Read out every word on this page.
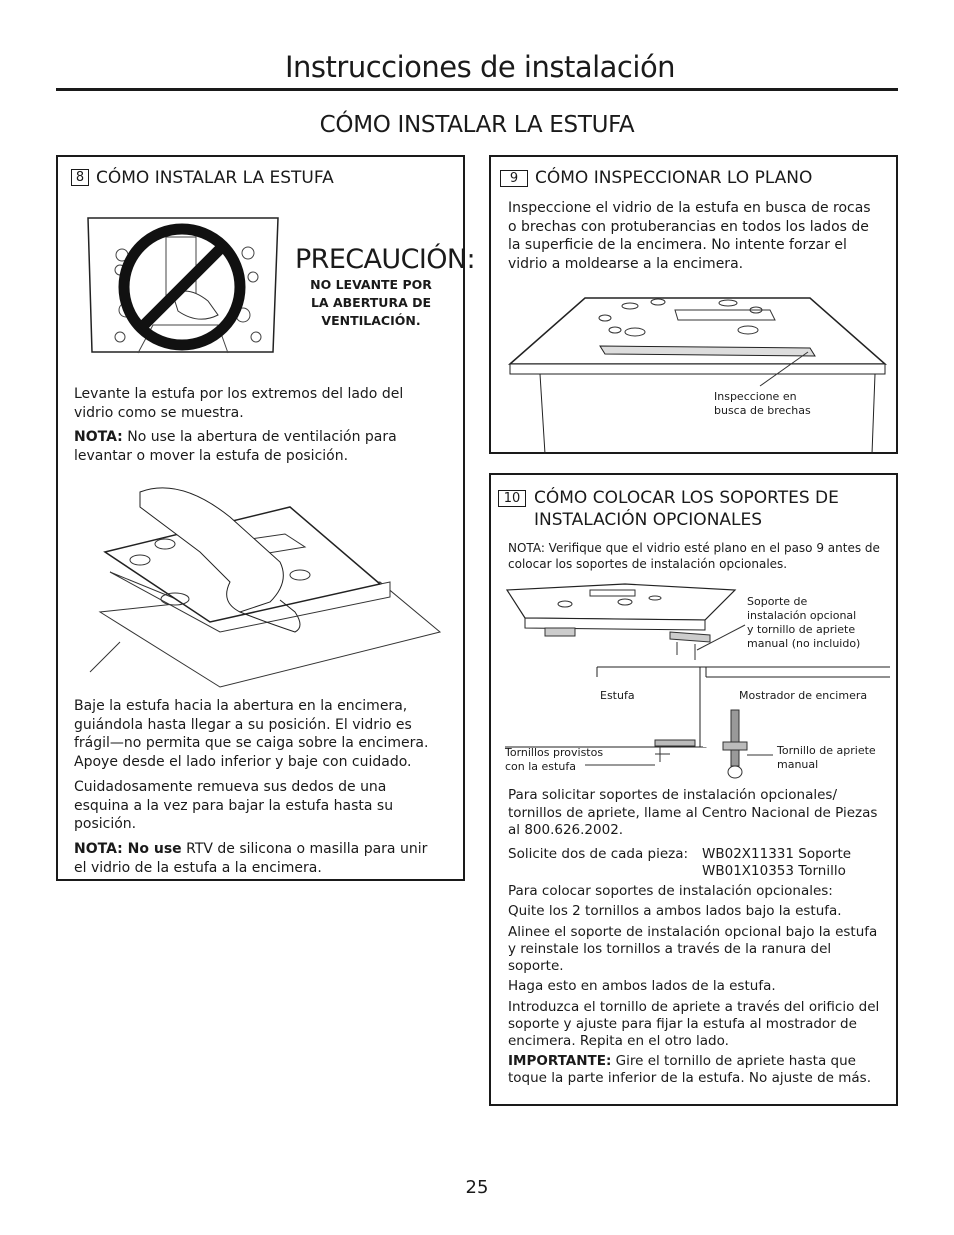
Instrucciones de instalación
CÓMO INSTALAR LA ESTUFA
8 CÓMO INSTALAR LA ESTUFA
PRECAUCIÓN:
NO LEVANTE POR
LA ABERTURA DE
VENTILACIÓN.
Levante la estufa por los extremos del lado del vidrio como se muestra.
NOTA: No use la abertura de ventilación para levantar o mover la estufa de posición.
Baje la estufa hacia la abertura en la encimera, guiándola hasta llegar a su posición. El vidrio es frágil—no permita que se caiga sobre la encimera. Apoye desde el lado inferior y baje con cuidado.
Cuidadosamente remueva sus dedos de una esquina a la vez para bajar la estufa hasta su posición.
NOTA: No use RTV de silicona o masilla para unir el vidrio de la estufa a la encimera.
9 CÓMO INSPECCIONAR LO PLANO
Inspeccione el vidrio de la estufa en busca de rocas o brechas con protuberancias en todos los lados de la superficie de la encimera. No intente forzar el vidrio a moldearse a la encimera.
Inspeccione en
busca de brechas
10 CÓMO COLOCAR LOS SOPORTES DE
INSTALACIÓN OPCIONALES
NOTA: Verifique que el vidrio esté plano en el paso 9 antes de colocar los soportes de instalación opcionales.
Soporte de
instalación opcional
y tornillo de apriete
manual (no incluido)
Estufa	Mostrador de encimera
Tornillos provistos
con la estufa
Tornillo de apriete
manual
Para solicitar soportes de instalación opcionales/ tornillos de apriete, llame al Centro Nacional de Piezas al 800.626.2002.
Solicite dos de cada pieza: WB02X11331 Soporte
WB01X10353 Tornillo
Para colocar soportes de instalación opcionales:
Quite los 2 tornillos a ambos lados bajo la estufa.
Alinee el soporte de instalación opcional bajo la estufa y reinstale los tornillos a través de la ranura del soporte.
Haga esto en ambos lados de la estufa.
Introduzca el tornillo de apriete a través del orificio del soporte y ajuste para fijar la estufa al mostrador de encimera. Repita en el otro lado.
IMPORTANTE: Gire el tornillo de apriete hasta que toque la parte inferior de la estufa. No ajuste de más.
25
